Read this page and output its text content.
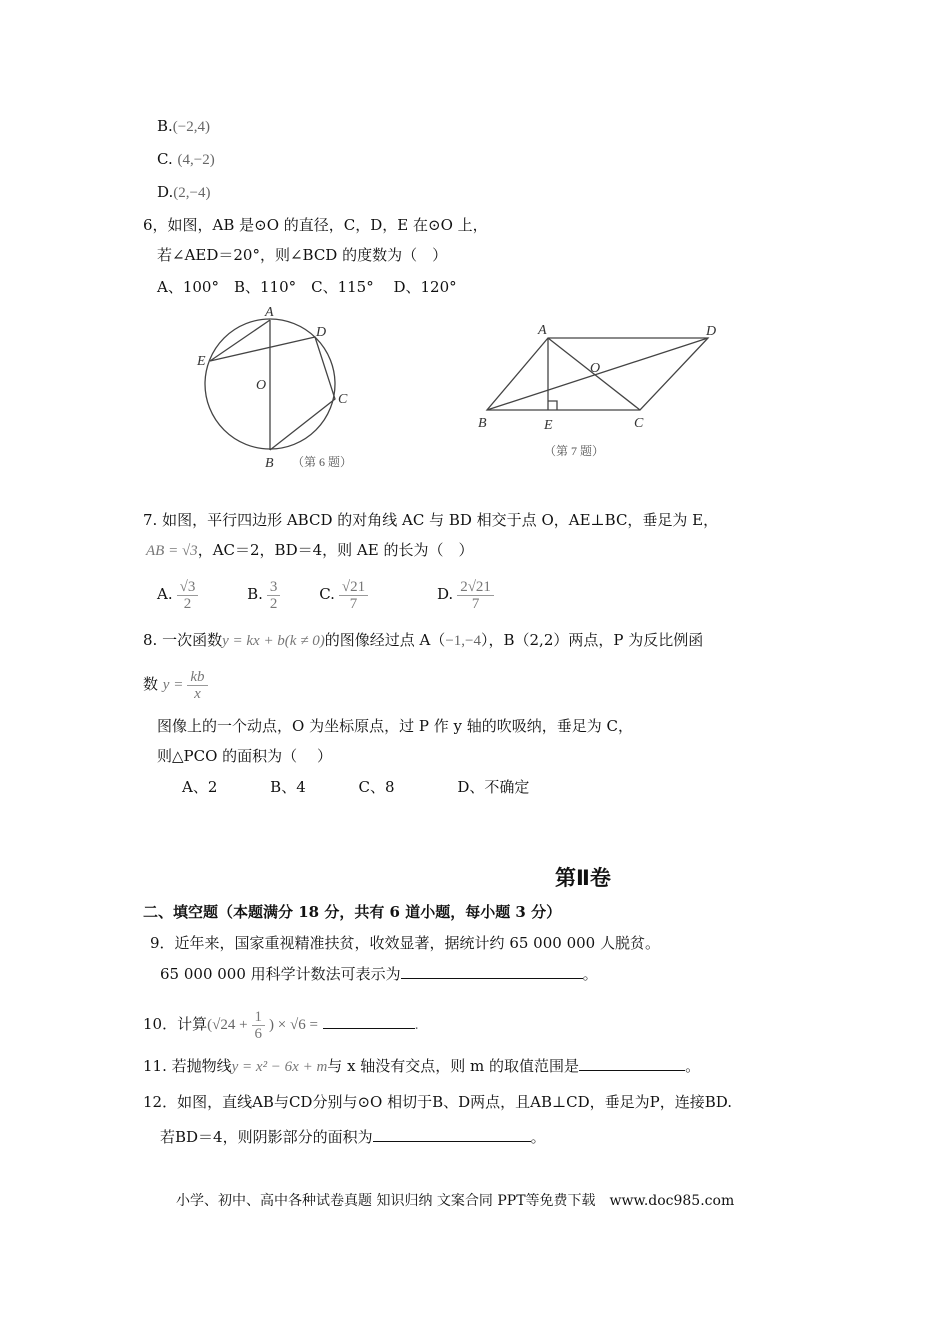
B.(−2,4)
C. (4,−2)
D.(2,−4)
6，如图，AB 是⊙O 的直径，C，D，E 在⊙O 上，
若∠AED＝20°，则∠BCD 的度数为（　）
A、100°　B、110°　C、115°　 D、120°
A
B
C
D
E
O
（第 6 题）
A
B	C
D
E
O
（第 7 题）
7. 如图，平行四边形 ABCD 的对角线 AC 与 BD 相交于点 O，AE⊥BC，垂足为 E，
AB = √3，AC＝2，BD＝4，则 AE 的长为（　）
A. $\frac{√3}{2}$	B. $\frac{3}{2}$	C. $\frac{√21}{7}$	D. $\frac{2√21}{7}$
8. 一次函数y = kx + b(k ≠ 0)的图像经过点 A（−1,−4），B（2,2）两点，P 为反比例函
数 $y = \frac{kb}{x}$
图像上的一个动点，O 为坐标原点，过 P 作 y 轴的吹吸纳，垂足为 C，
则△PCO 的面积为（　 ）
A、2	B、4	C、8	D、不确定
第Ⅱ卷
二、填空题（本题满分 18 分，共有 6 道小题，每小题 3 分）
9．近年来，国家重视精准扶贫，收效显著，据统计约 65 000 000 人脱贫。
65 000 000 用科学计数法可表示为	。
10．计算($√24 + \frac{1}{6}$ ) × √6 =	.
11. 若抛物线y = x² − 6x + m与 x 轴没有交点，则 m 的取值范围是	。
12．如图，直线AB与CD分别与⊙O 相切于B、D两点，且AB⊥CD，垂足为P，连接BD.
若BD＝4，则阴影部分的面积为	。
小学、初中、高中各种试卷真题 知识归纳 文案合同 PPT等免费下载　www.doc985.com
